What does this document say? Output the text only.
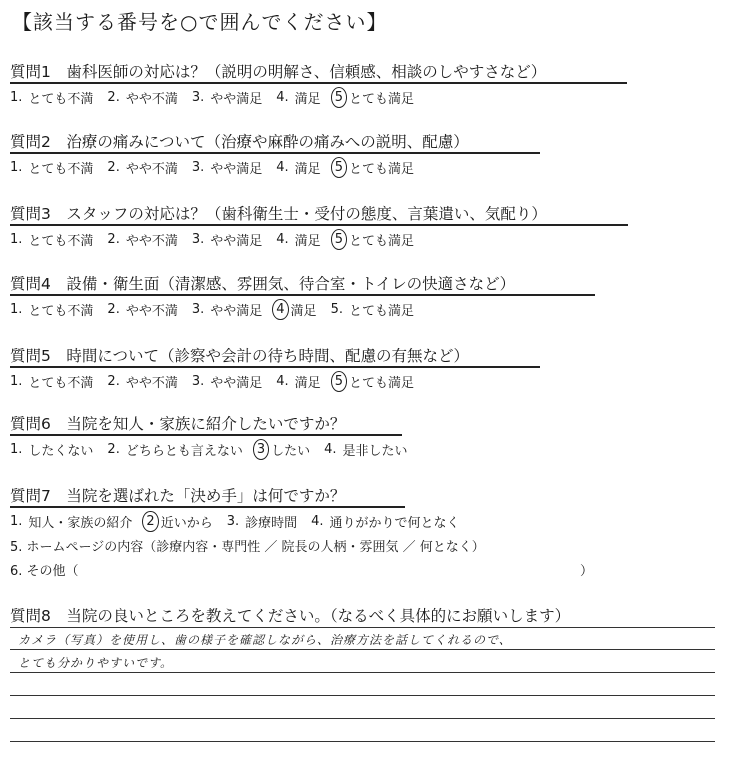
【該当する番号を○で囲んでください】
質問1　歯科医師の対応は？（説明の明解さ、信頼感、相談のしやすさなど）
1. とても不満 2. やや不満 3. やや満足 4. 満足 5 とても満足
質問2　治療の痛みについて（治療や麻酔の痛みへの説明、配慮）
1. とても不満 2. やや不満 3. やや満足 4. 満足 5 とても満足
質問3　スタッフの対応は？（歯科衛生士・受付の態度、言葉遣い、気配り）
1. とても不満 2. やや不満 3. やや満足 4. 満足 5 とても満足
質問4　設備・衛生面（清潔感、雰囲気、待合室・トイレの快適さなど）
1. とても不満 2. やや不満 3. やや満足 4 満足 5. とても満足
質問5　時間について（診察や会計の待ち時間、配慮の有無など）
1. とても不満 2. やや不満 3. やや満足 4. 満足 5 とても満足
質問6　当院を知人・家族に紹介したいですか？
1. したくない 2. どちらとも言えない 3 したい 4. 是非したい
質問7　当院を選ばれた「決め手」は何ですか？
1. 知人・家族の紹介 2 近いから 3. 診療時間 4. 通りがかりで何となく
5. ホームページの内容（診療内容・専門性 ／ 院長の人柄・雰囲気 ／ 何となく）
6. その他（	）
質問8　当院の良いところを教えてください。（なるべく具体的にお願いします）
カメラ（写真）を使用し、歯の様子を確認しながら、治療方法を話してくれるので、
とても分かりやすいです。
